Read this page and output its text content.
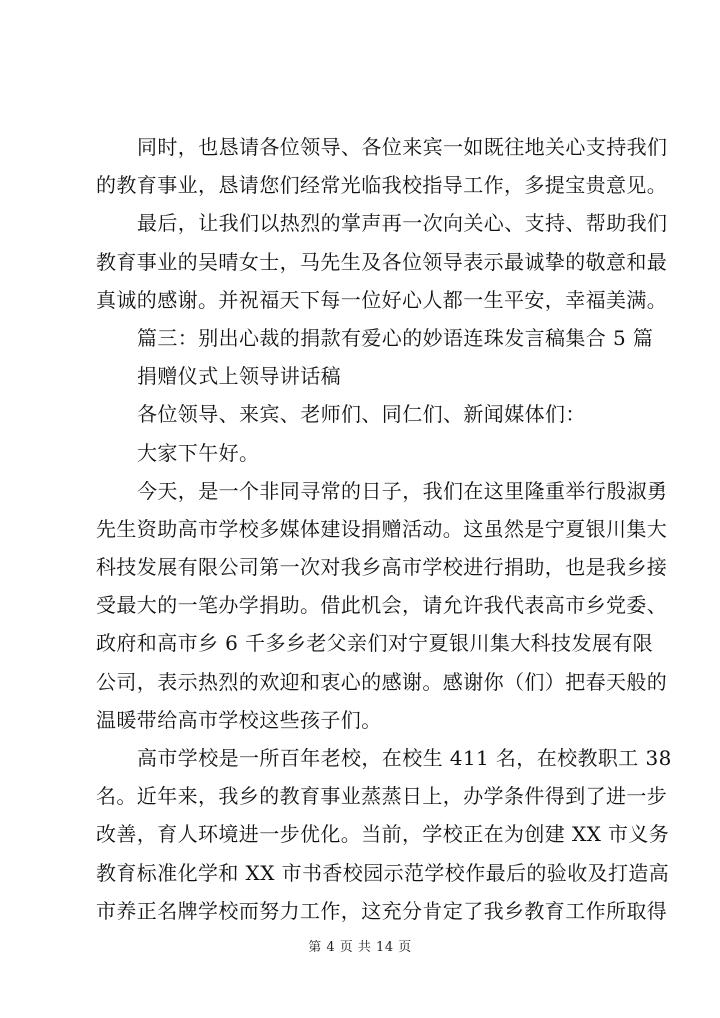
同时，也恳请各位领导、各位来宾一如既往地关心支持我们
的教育事业，恳请您们经常光临我校指导工作，多提宝贵意见。
最后，让我们以热烈的掌声再一次向关心、支持、帮助我们
教育事业的吴晴女士，马先生及各位领导表示最诚挚的敬意和最
真诚的感谢。并祝福天下每一位好心人都一生平安，幸福美满。
篇三：别出心裁的捐款有爱心的妙语连珠发言稿集合 5 篇
捐赠仪式上领导讲话稿
各位领导、来宾、老师们、同仁们、新闻媒体们：
大家下午好。
今天，是一个非同寻常的日子，我们在这里隆重举行殷淑勇
先生资助高市学校多媒体建设捐赠活动。这虽然是宁夏银川集大
科技发展有限公司第一次对我乡高市学校进行捐助，也是我乡接
受最大的一笔办学捐助。借此机会，请允许我代表高市乡党委、
政府和高市乡 6 千多乡老父亲们对宁夏银川集大科技发展有限
公司，表示热烈的欢迎和衷心的感谢。感谢你（们）把春天般的
温暖带给高市学校这些孩子们。
高市学校是一所百年老校，在校生 411 名，在校教职工 38
名。近年来，我乡的教育事业蒸蒸日上，办学条件得到了进一步
改善，育人环境进一步优化。当前，学校正在为创建 XX 市义务
教育标准化学和 XX 市书香校园示范学校作最后的验收及打造高
市养正名牌学校而努力工作，这充分肯定了我乡教育工作所取得
第 4 页 共 14 页
